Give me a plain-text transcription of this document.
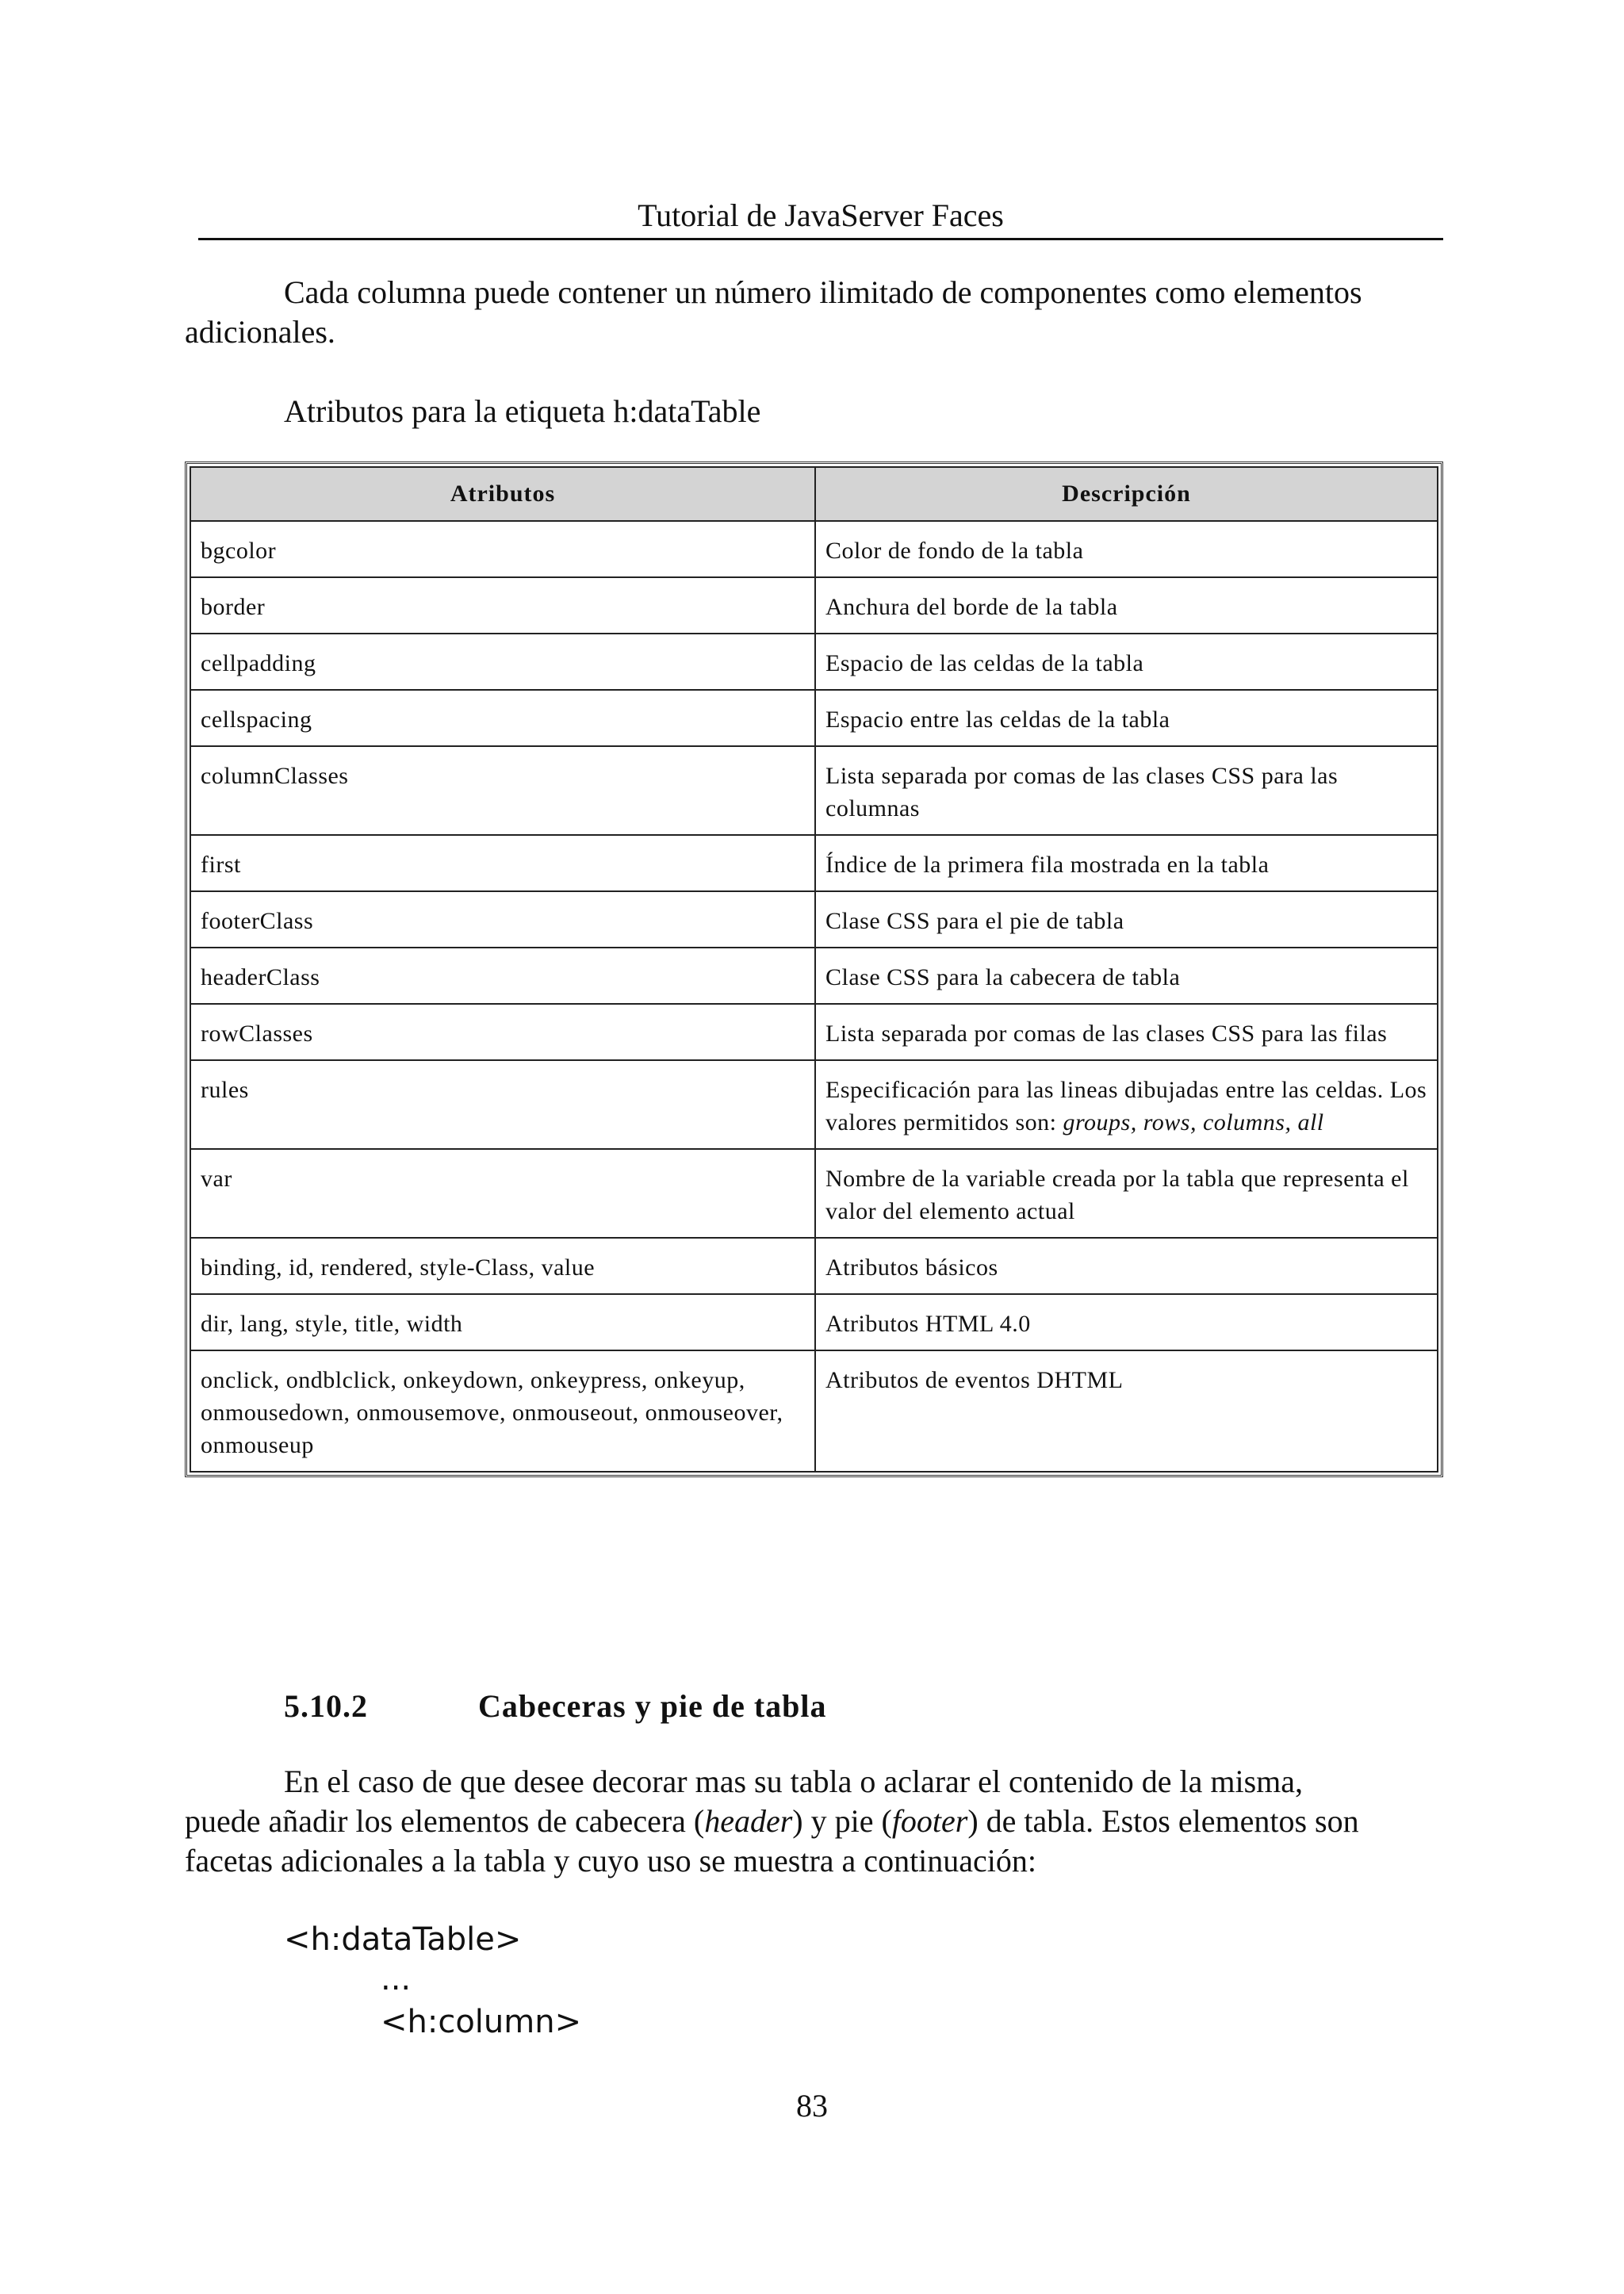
Tutorial de JavaServer Faces

Cada columna puede contener un número ilimitado de componentes como elementos
adicionales.

Atributos para la etiqueta h:dataTable

Atributos	Descripción
bgcolor	Color de fondo de la tabla
border	Anchura del borde de la tabla
cellpadding	Espacio de las celdas de la tabla
cellspacing	Espacio entre las celdas de la tabla
columnClasses	Lista separada por comas de las clases CSS para las columnas
first	Índice de la primera fila mostrada en la tabla
footerClass	Clase CSS para el pie de tabla
headerClass	Clase CSS para la cabecera de tabla
rowClasses	Lista separada por comas de las clases CSS para las filas
rules	Especificación para las lineas dibujadas entre las celdas. Los valores permitidos son: groups, rows, columns, all
var	Nombre de la variable creada por la tabla que representa el valor del elemento actual
binding, id, rendered, style-Class, value	Atributos básicos
dir, lang, style, title, width	Atributos HTML 4.0
onclick, ondblclick, onkeydown, onkeypress, onkeyup, onmousedown, onmousemove, onmouseout, onmouseover, onmouseup	Atributos de eventos DHTML
5.10.2	Cabeceras y pie de tabla

En el caso de que desee decorar mas su tabla o aclarar el contenido de la misma,
puede añadir los elementos de cabecera (header) y pie (footer) de tabla. Estos elementos son
facetas adicionales a la tabla y cuyo uso se muestra a continuación:

<h:dataTable>
...
<h:column>
83
